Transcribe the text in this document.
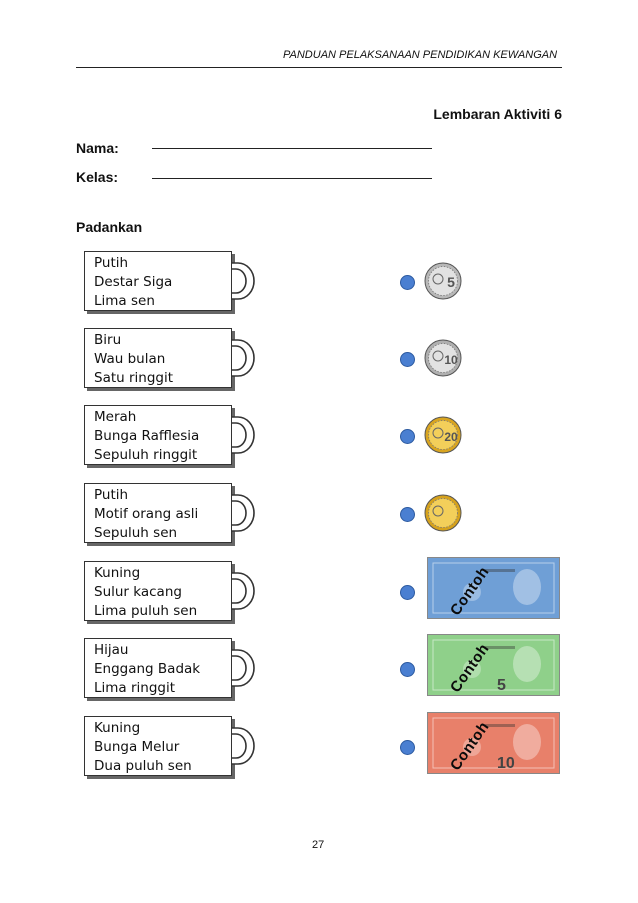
PANDUAN PELAKSANAAN PENDIDIKAN KEWANGAN
Lembaran Aktiviti 6
Nama:
Kelas:
Padankan
Putih
Destar Siga
Lima sen
Biru
Wau bulan
Satu ringgit
Merah
Bunga Rafflesia
Sepuluh ringgit
Putih
Motif orang asli
Sepuluh sen
Kuning
Sulur kacang
Lima puluh sen
Hijau
Enggang Badak
Lima ringgit
Kuning
Bunga Melur
Dua puluh sen
5
10
20
Contoh
5
Contoh
10
Contoh
27
